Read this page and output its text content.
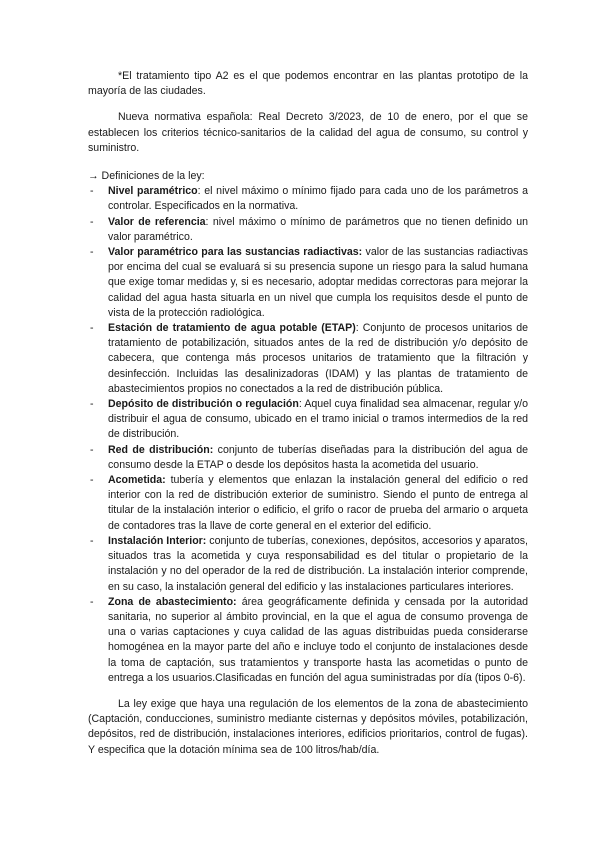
*El tratamiento tipo A2 es el que podemos encontrar en las plantas prototipo de la mayoría de las ciudades.

Nueva normativa española: Real Decreto 3/2023, de 10 de enero, por el que se establecen los criterios técnico-sanitarios de la calidad del agua de consumo, su control y suministro.

→ Definiciones de la ley:

- Nivel paramétrico: el nivel máximo o mínimo fijado para cada uno de los parámetros a controlar. Especificados en la normativa.
- Valor de referencia: nivel máximo o mínimo de parámetros que no tienen definido un valor paramétrico.
- Valor paramétrico para las sustancias radiactivas: valor de las sustancias radiactivas por encima del cual se evaluará si su presencia supone un riesgo para la salud humana que exige tomar medidas y, si es necesario, adoptar medidas correctoras para mejorar la calidad del agua hasta situarla en un nivel que cumpla los requisitos desde el punto de vista de la protección radiológica.
- Estación de tratamiento de agua potable (ETAP): Conjunto de procesos unitarios de tratamiento de potabilización, situados antes de la red de distribución y/o depósito de cabecera, que contenga más procesos unitarios de tratamiento que la filtración y desinfección. Incluidas las desalinizadoras (IDAM) y las plantas de tratamiento de abastecimientos propios no conectados a la red de distribución pública.
- Depósito de distribución o regulación: Aquel cuya finalidad sea almacenar, regular y/o distribuir el agua de consumo, ubicado en el tramo inicial o tramos intermedios de la red de distribución.
- Red de distribución: conjunto de tuberías diseñadas para la distribución del agua de consumo desde la ETAP o desde los depósitos hasta la acometida del usuario.
- Acometida: tubería y elementos que enlazan la instalación general del edificio o red interior con la red de distribución exterior de suministro. Siendo el punto de entrega al titular de la instalación interior o edificio, el grifo o racor de prueba del armario o arqueta de contadores tras la llave de corte general en el exterior del edificio.
- Instalación Interior: conjunto de tuberías, conexiones, depósitos, accesorios y aparatos, situados tras la acometida y cuya responsabilidad es del titular o propietario de la instalación y no del operador de la red de distribución. La instalación interior comprende, en su caso, la instalación general del edificio y las instalaciones particulares interiores.
- Zona de abastecimiento: área geográficamente definida y censada por la autoridad sanitaria, no superior al ámbito provincial, en la que el agua de consumo provenga de una o varias captaciones y cuya calidad de las aguas distribuidas pueda considerarse homogénea en la mayor parte del año e incluye todo el conjunto de instalaciones desde la toma de captación, sus tratamientos y transporte hasta las acometidas o punto de entrega a los usuarios.Clasificadas en función del agua suministradas por día (tipos 0-6).

La ley exige que haya una regulación de los elementos de la zona de abastecimiento (Captación, conducciones, suministro mediante cisternas y depósitos móviles, potabilización, depósitos, red de distribución, instalaciones interiores, edificios prioritarios, control de fugas). Y especifica que la dotación mínima sea de 100 litros/hab/día.
